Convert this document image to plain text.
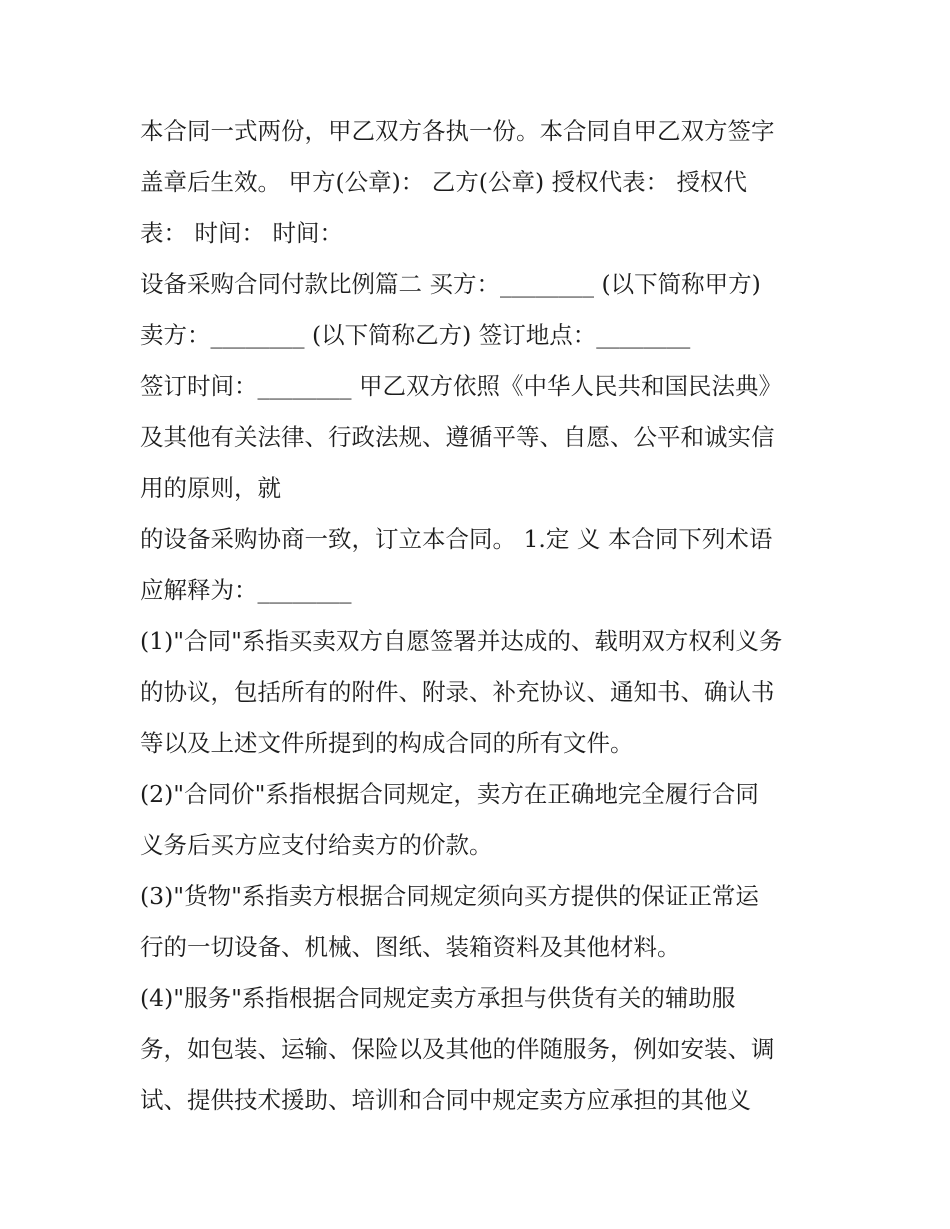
本合同一式两份，甲乙双方各执一份。本合同自甲乙双方签字
盖章后生效。 甲方(公章)： 乙方(公章) 授权代表： 授权代
表： 时间： 时间：
设备采购合同付款比例篇二 买方：________ (以下简称甲方)
卖方：________ (以下简称乙方) 签订地点：________
签订时间：________ 甲乙双方依照《中华人民共和国民法典》
及其他有关法律、行政法规、遵循平等、自愿、公平和诚实信
用的原则，就
的设备采购协商一致，订立本合同。 1.定 义 本合同下列术语
应解释为：________
(1)"合同"系指买卖双方自愿签署并达成的、载明双方权利义务
的协议，包括所有的附件、附录、补充协议、通知书、确认书
等以及上述文件所提到的构成合同的所有文件。
(2)"合同价"系指根据合同规定，卖方在正确地完全履行合同
义务后买方应支付给卖方的价款。
(3)"货物"系指卖方根据合同规定须向买方提供的保证正常运
行的一切设备、机械、图纸、装箱资料及其他材料。
(4)"服务"系指根据合同规定卖方承担与供货有关的辅助服
务，如包装、运输、保险以及其他的伴随服务，例如安装、调
试、提供技术援助、培训和合同中规定卖方应承担的其他义
